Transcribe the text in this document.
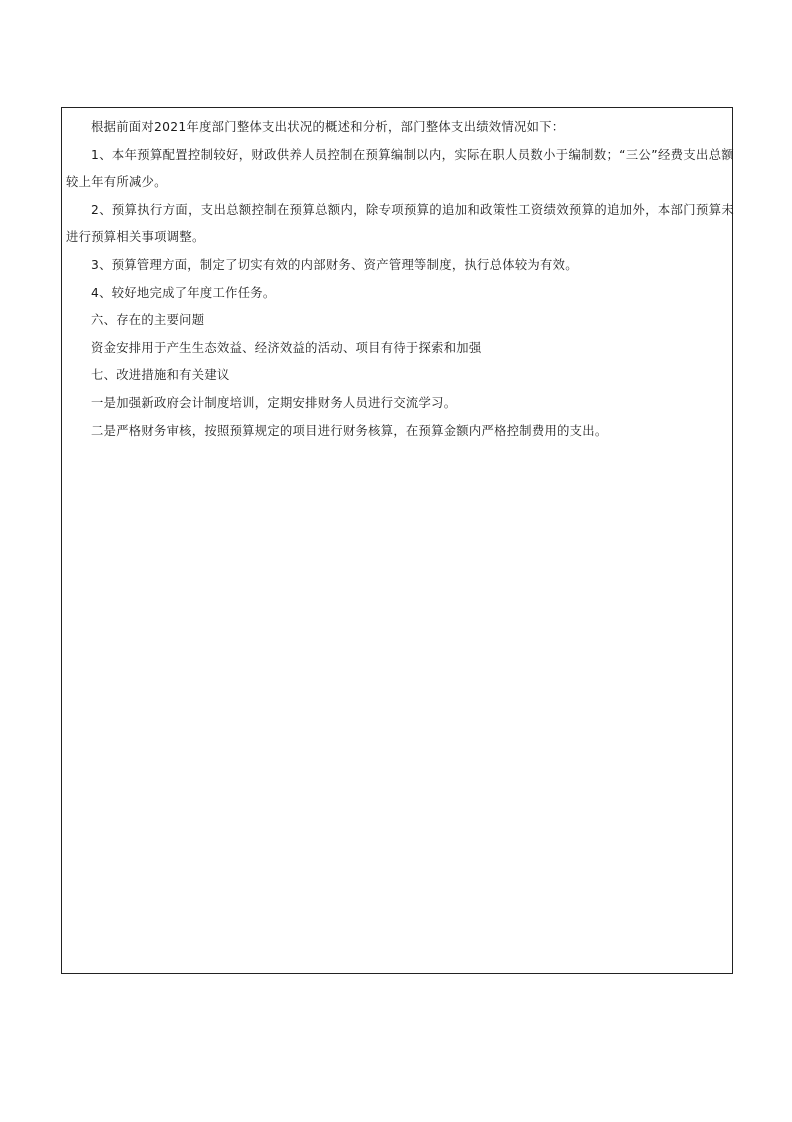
根据前面对2021年度部门整体支出状况的概述和分析，部门整体支出绩效情况如下：

1、本年预算配置控制较好，财政供养人员控制在预算编制以内，实际在职人员数小于编制数；“三公”经费支出总额较上年有所减少。

2、预算执行方面，支出总额控制在预算总额内，除专项预算的追加和政策性工资绩效预算的追加外，本部门预算未进行预算相关事项调整。

3、预算管理方面，制定了切实有效的内部财务、资产管理等制度，执行总体较为有效。

4、较好地完成了年度工作任务。

六、存在的主要问题

资金安排用于产生生态效益、经济效益的活动、项目有待于探索和加强

七、改进措施和有关建议

一是加强新政府会计制度培训，定期安排财务人员进行交流学习。

二是严格财务审核，按照预算规定的项目进行财务核算，在预算金额内严格控制费用的支出。
